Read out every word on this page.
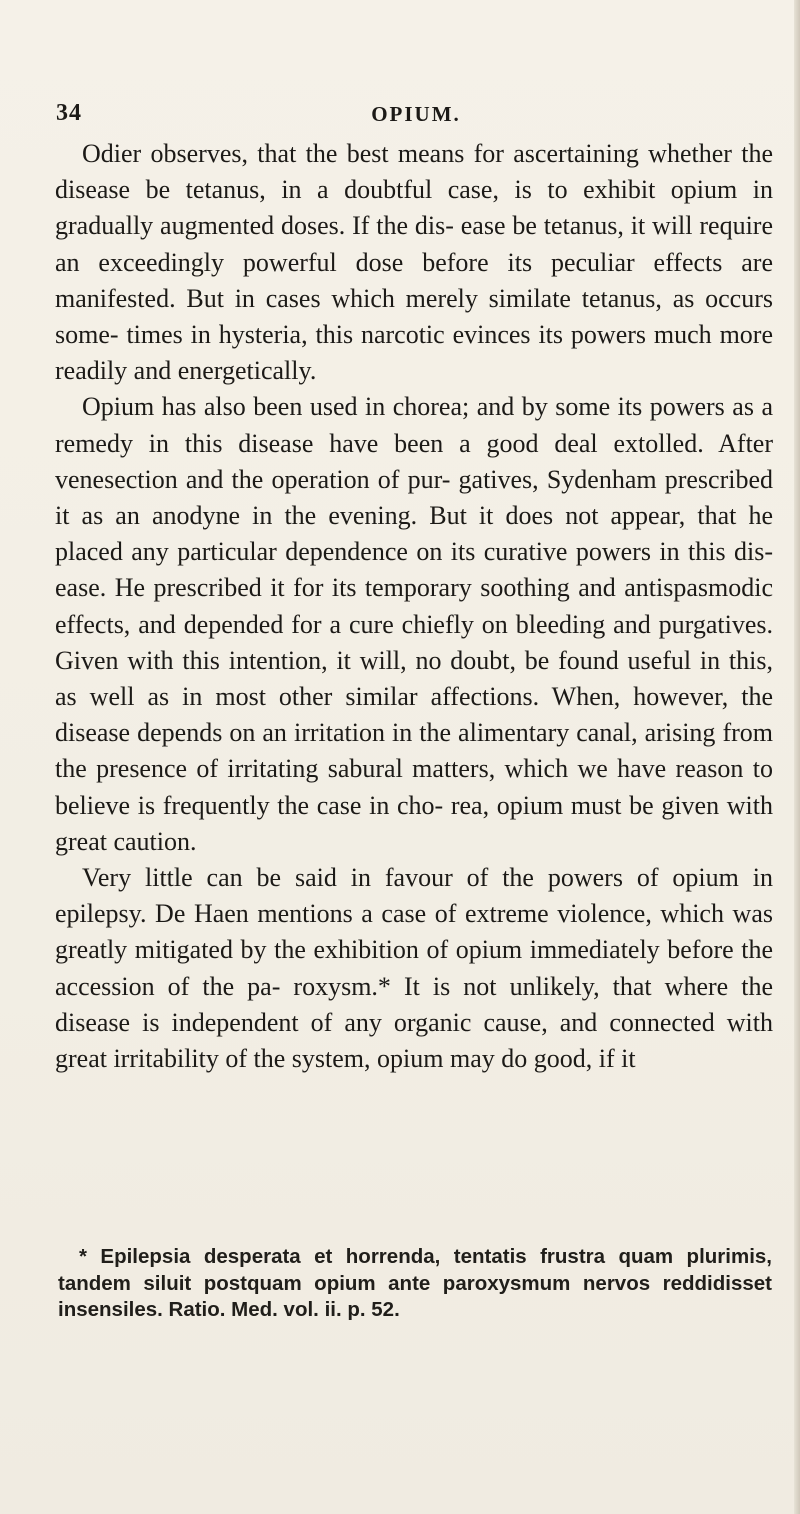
34	OPIUM.

Odier observes, that the best means for ascertaining whether the disease be tetanus, in a doubtful case, is to exhibit opium in gradually augmented doses. If the dis- ease be tetanus, it will require an exceedingly powerful dose before its peculiar effects are manifested. But in cases which merely similate tetanus, as occurs some- times in hysteria, this narcotic evinces its powers much more readily and energetically.

Opium has also been used in chorea; and by some its powers as a remedy in this disease have been a good deal extolled. After venesection and the operation of pur- gatives, Sydenham prescribed it as an anodyne in the evening. But it does not appear, that he placed any particular dependence on its curative powers in this dis- ease. He prescribed it for its temporary soothing and antispasmodic effects, and depended for a cure chiefly on bleeding and purgatives. Given with this intention, it will, no doubt, be found useful in this, as well as in most other similar affections. When, however, the disease depends on an irritation in the alimentary canal, arising from the presence of irritating sabural matters, which we have reason to believe is frequently the case in cho- rea, opium must be given with great caution.

Very little can be said in favour of the powers of opium in epilepsy. De Haen mentions a case of extreme violence, which was greatly mitigated by the exhibition of opium immediately before the accession of the pa- roxysm.* It is not unlikely, that where the disease is independent of any organic cause, and connected with great irritability of the system, opium may do good, if it

* Epilepsia desperata et horrenda, tentatis frustra quam plurimis, tandem siluit postquam opium ante paroxysmum nervos reddidisset insensiles. Ratio. Med. vol. ii. p. 52.
